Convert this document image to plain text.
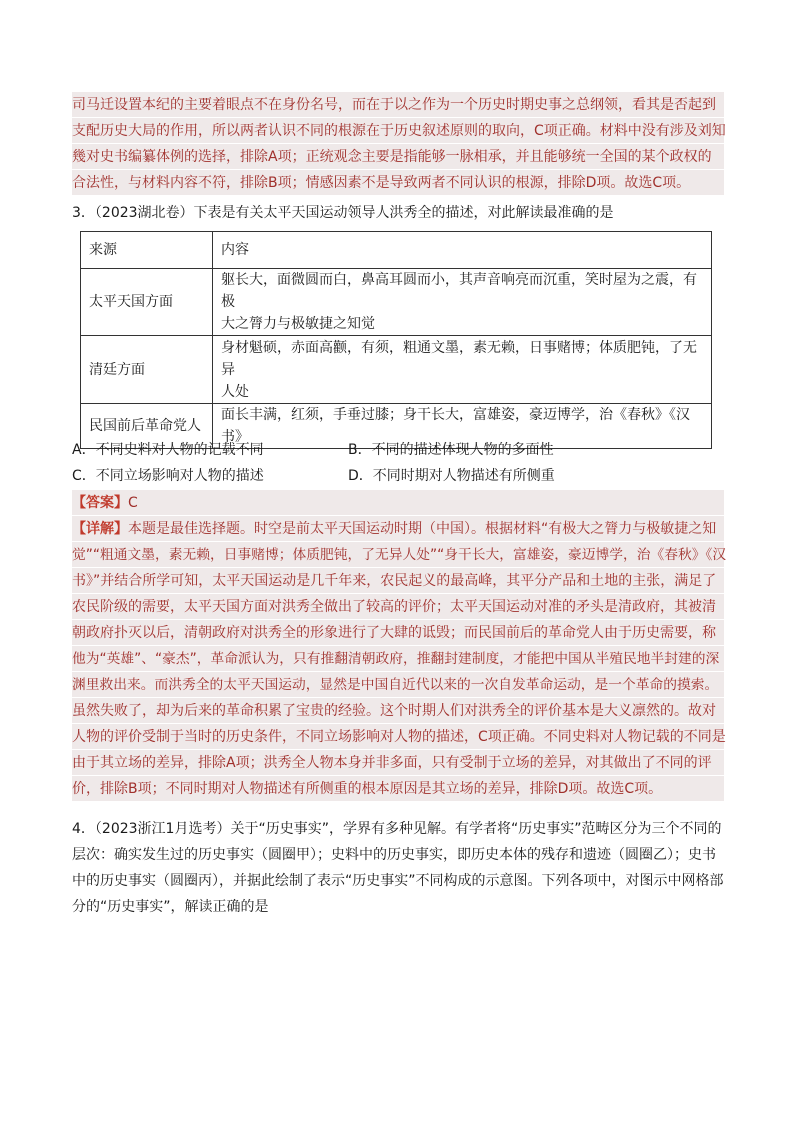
司马迁设置本纪的主要着眼点不在身份名号，而在于以之作为一个历史时期史事之总纲领，看其是否起到
支配历史大局的作用，所以两者认识不同的根源在于历史叙述原则的取向，C项正确。材料中没有涉及刘知
幾对史书编纂体例的选择，排除A项；正统观念主要是指能够一脉相承，并且能够统一全国的某个政权的
合法性，与材料内容不符，排除B项；情感因素不是导致两者不同认识的根源，排除D项。故选C项。
3．（2023湖北卷）下表是有关太平天国运动领导人洪秀全的描述，对此解读最准确的是
来源	内容
太平天国方面	躯长大，面微圆而白，鼻高耳圆而小，其声音响亮而沉重，笑时屋为之震，有极
大之膂力与极敏捷之知觉

清廷方面	身材魁硕，赤面高颧，有须，粗通文墨，素无赖，日事赌博；体质肥钝，了无异
人处

民国前后革命党人	面长丰满，红须，手垂过膝；身干长大，富雄姿，豪迈博学，治《春秋》《汉书》
A．不同史料对人物的记载不同	B．不同的描述体现人物的多面性
C．不同立场影响对人物的描述	D．不同时期对人物描述有所侧重
【答案】C
【详解】本题是最佳选择题。时空是前太平天国运动时期（中国）。根据材料“有极大之膂力与极敏捷之知
觉”“粗通文墨，素无赖，日事赌博；体质肥钝，了无异人处”“身干长大，富雄姿，豪迈博学，治《春秋》《汉
书》”并结合所学可知，太平天国运动是几千年来，农民起义的最高峰，其平分产品和土地的主张，满足了
农民阶级的需要，太平天国方面对洪秀全做出了较高的评价；太平天国运动对准的矛头是清政府，其被清
朝政府扑灭以后，清朝政府对洪秀全的形象进行了大肆的诋毁；而民国前后的革命党人由于历史需要，称
他为“英雄”、“豪杰”，革命派认为，只有推翻清朝政府，推翻封建制度，才能把中国从半殖民地半封建的深
渊里救出来。而洪秀全的太平天国运动，显然是中国自近代以来的一次自发革命运动，是一个革命的摸索。
虽然失败了，却为后来的革命积累了宝贵的经验。这个时期人们对洪秀全的评价基本是大义凛然的。故对
人物的评价受制于当时的历史条件，不同立场影响对人物的描述，C项正确。不同史料对人物记载的不同是
由于其立场的差异，排除A项；洪秀全人物本身并非多面，只有受制于立场的差异，对其做出了不同的评
价，排除B项；不同时期对人物描述有所侧重的根本原因是其立场的差异，排除D项。故选C项。
4．（2023浙江1月选考）关于“历史事实”，学界有多种见解。有学者将“历史事实”范畴区分为三个不同的
层次：确实发生过的历史事实（圆圈甲）；史料中的历史事实，即历史本体的残存和遗迹（圆圈乙）；史书
中的历史事实（圆圈丙），并据此绘制了表示“历史事实”不同构成的示意图。下列各项中，对图示中网格部
分的“历史事实”，解读正确的是
